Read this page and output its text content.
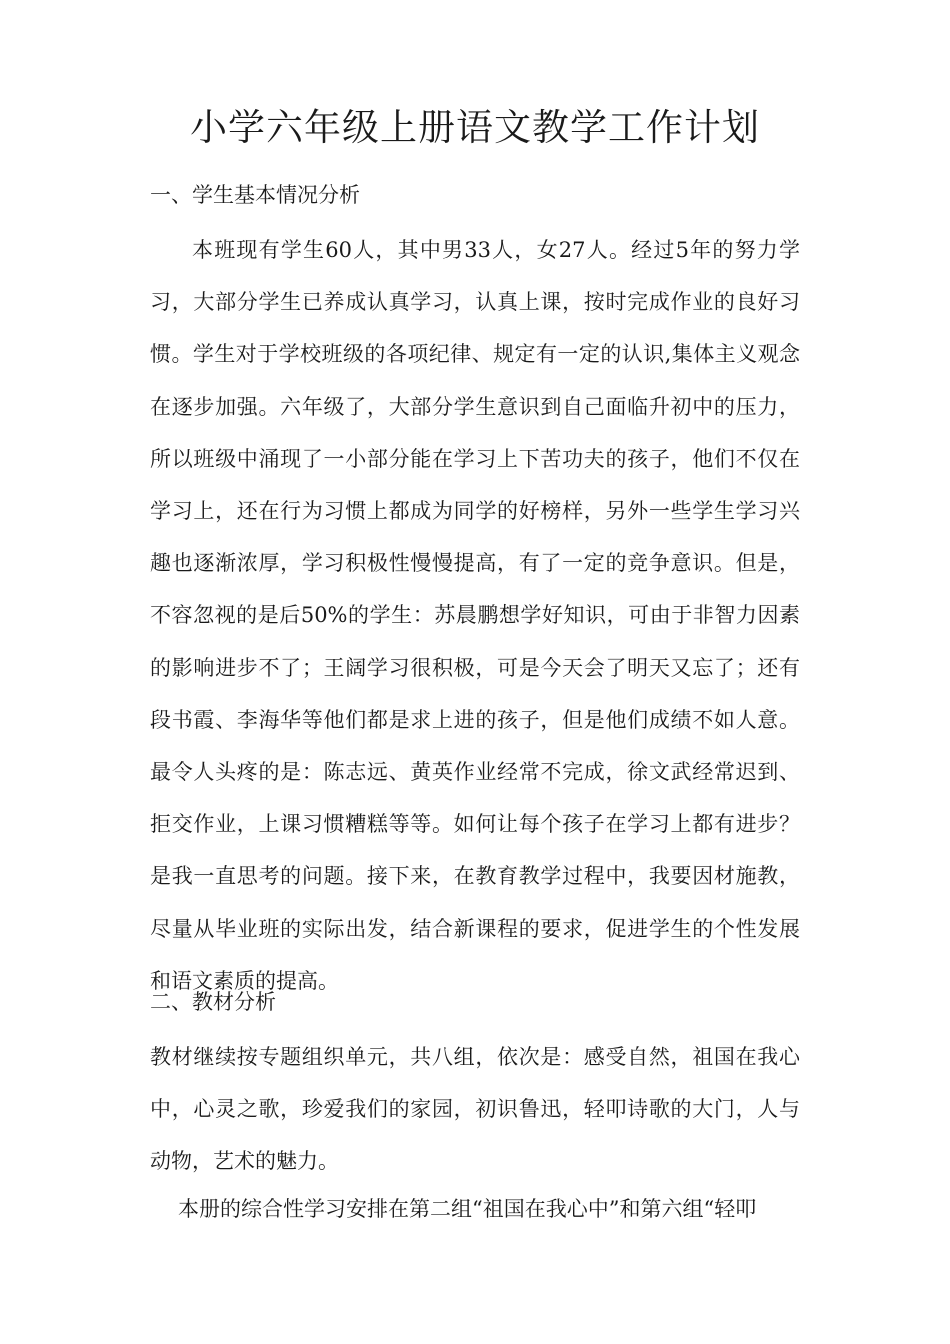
小学六年级上册语文教学工作计划
一、学生基本情况分析

本班现有学生60人，其中男33人，女27人。经过5年的努力学习，大部分学生已养成认真学习，认真上课，按时完成作业的良好习惯。学生对于学校班级的各项纪律、规定有一定的认识,集体主义观念在逐步加强。六年级了，大部分学生意识到自己面临升初中的压力，所以班级中涌现了一小部分能在学习上下苦功夫的孩子，他们不仅在学习上，还在行为习惯上都成为同学的好榜样，另外一些学生学习兴趣也逐渐浓厚，学习积极性慢慢提高，有了一定的竞争意识。但是，不容忽视的是后50%的学生：苏晨鹏想学好知识，可由于非智力因素的影响进步不了；王阔学习很积极，可是今天会了明天又忘了；还有段书霞、李海华等他们都是求上进的孩子，但是他们成绩不如人意。最令人头疼的是：陈志远、黄英作业经常不完成，徐文武经常迟到、拒交作业，上课习惯糟糕等等。如何让每个孩子在学习上都有进步？是我一直思考的问题。接下来，在教育教学过程中，我要因材施教，尽量从毕业班的实际出发，结合新课程的要求，促进学生的个性发展和语文素质的提高。

二、教材分析

教材继续按专题组织单元，共八组，依次是：感受自然，祖国在我心中，心灵之歌，珍爱我们的家园，初识鲁迅，轻叩诗歌的大门，人与动物，艺术的魅力。

本册的综合性学习安排在第二组“祖国在我心中”和第六组“轻叩
